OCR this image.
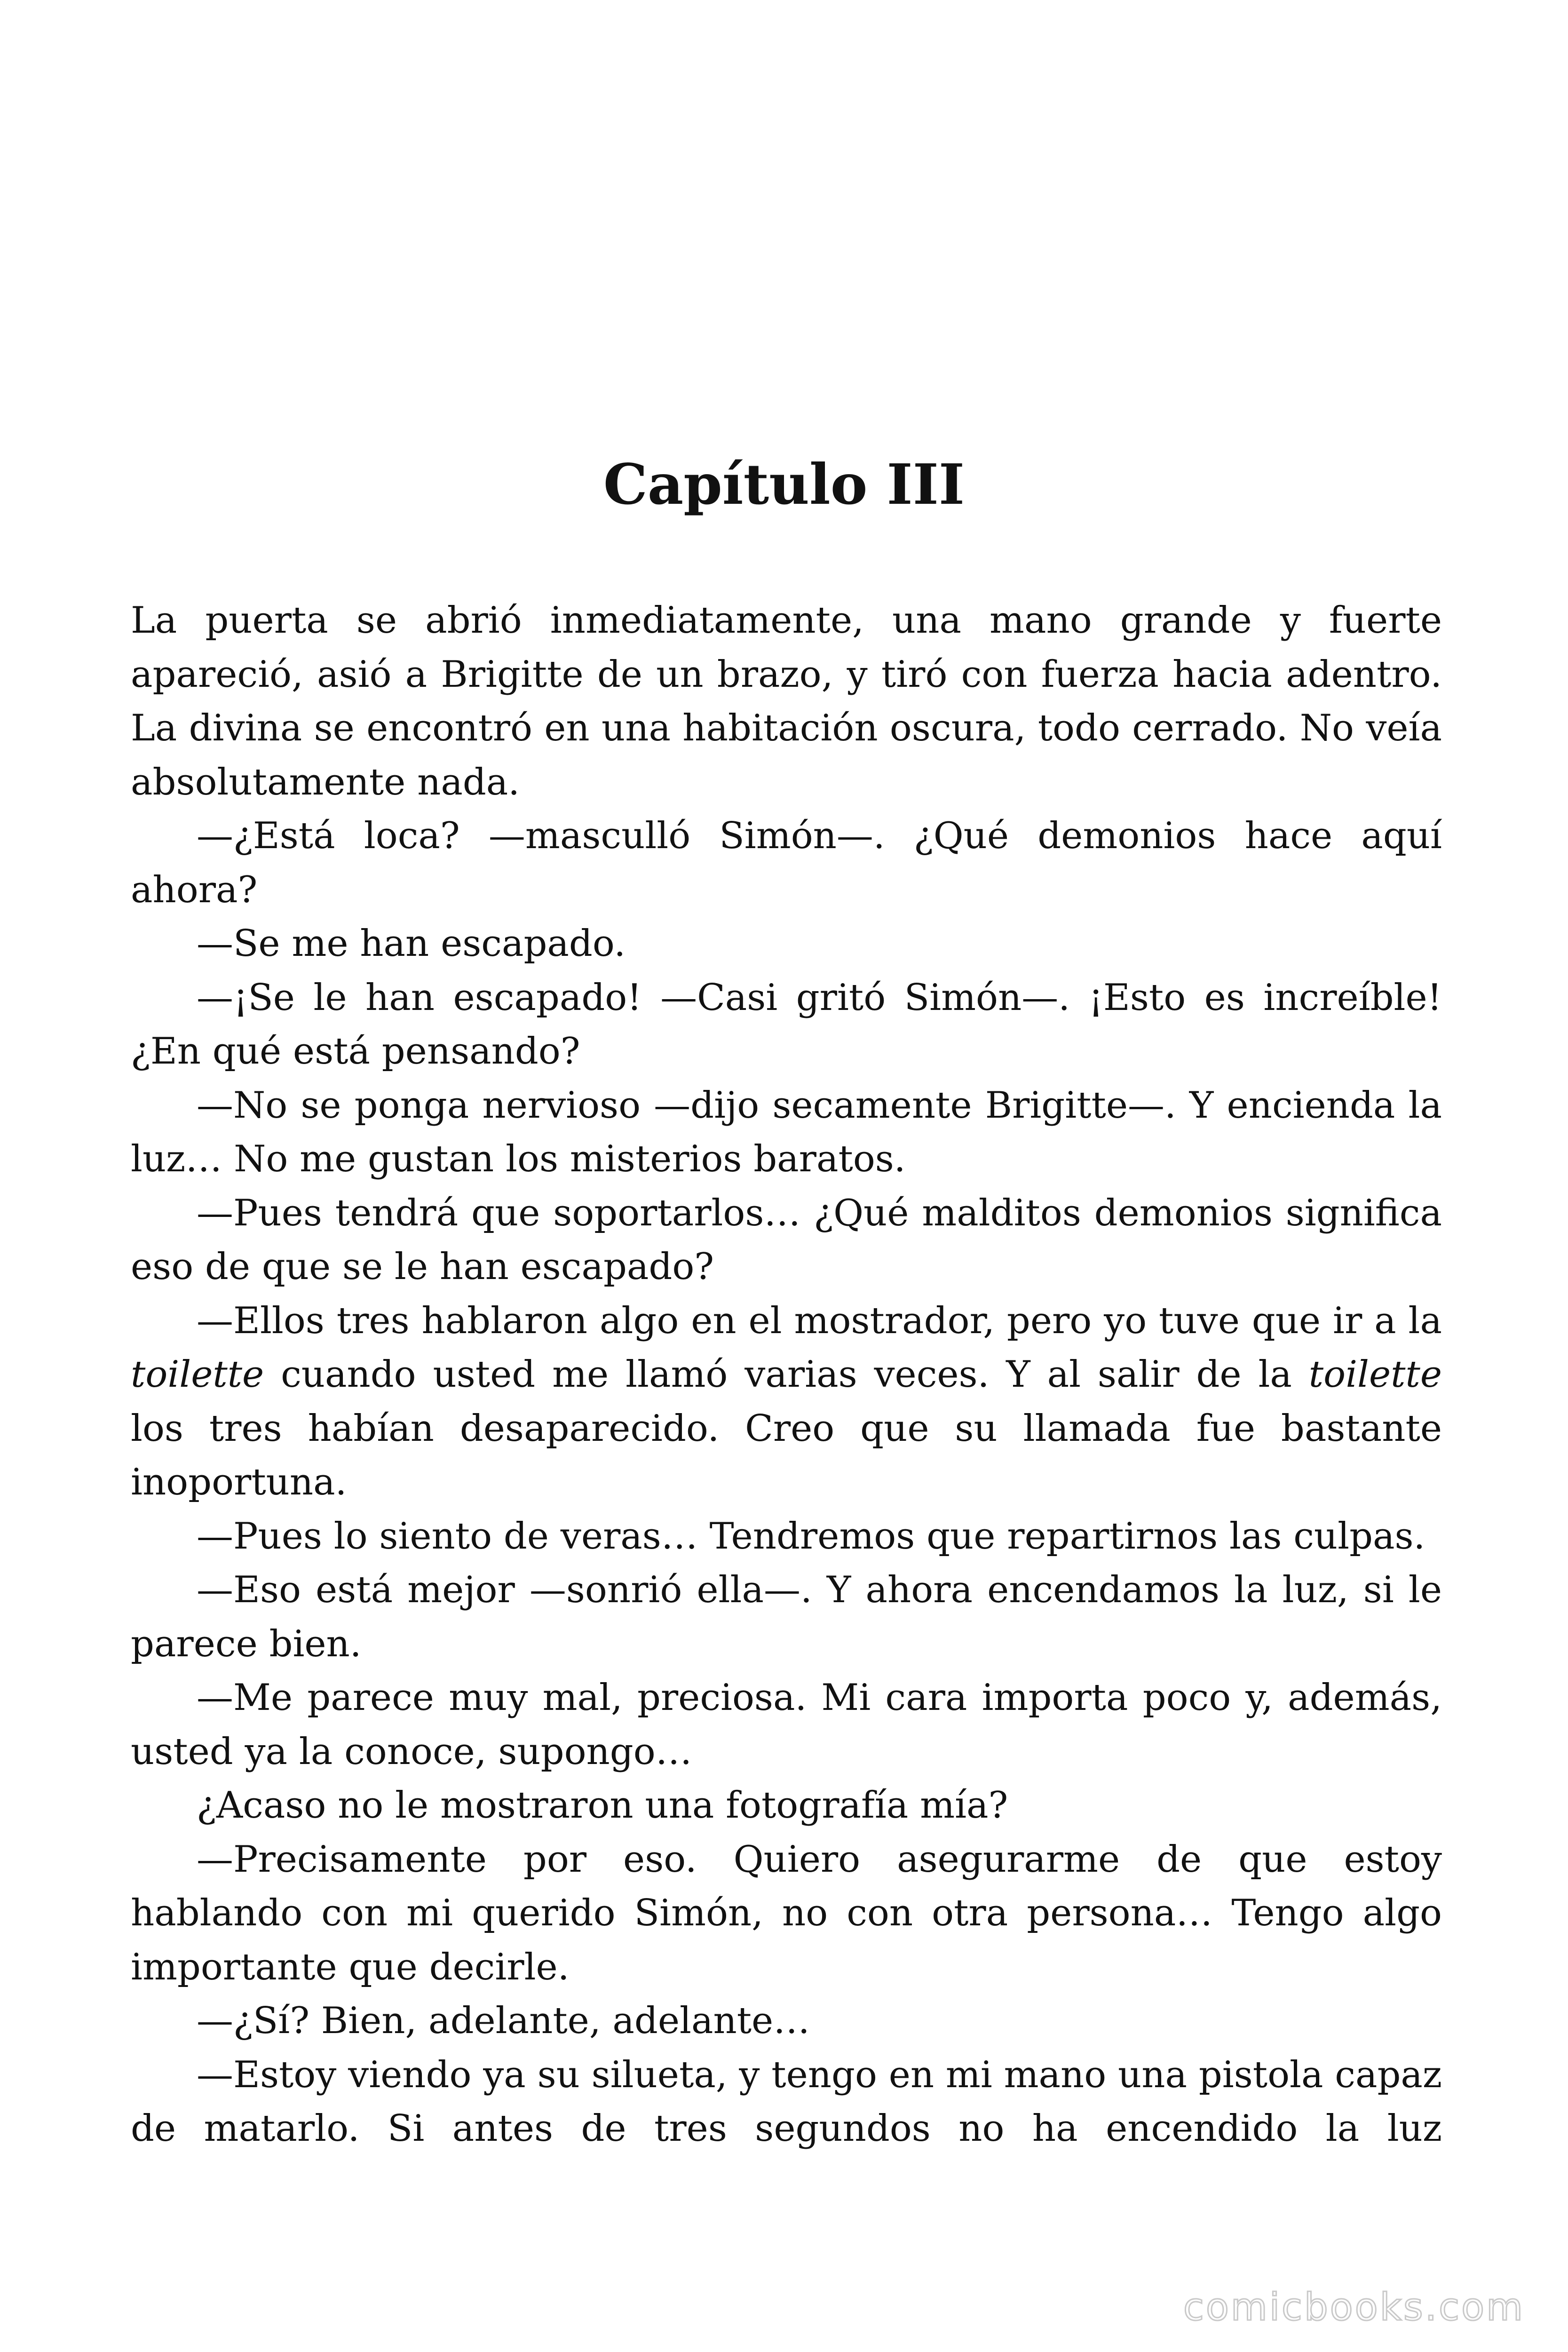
Capítulo III

La puerta se abrió inmediatamente, una mano grande y fuerte apareció, asió a Brigitte de un brazo, y tiró con fuerza hacia adentro. La divina se encontró en una habitación oscura, todo cerrado. No veía absolutamente nada.

—¿Está loca? —masculló Simón—. ¿Qué demonios hace aquí ahora?

—Se me han escapado.

—¡Se le han escapado! —Casi gritó Simón—. ¡Esto es increíble! ¿En qué está pensando?

—No se ponga nervioso —dijo secamente Brigitte—. Y encienda la luz… No me gustan los misterios baratos.

—Pues tendrá que soportarlos… ¿Qué malditos demonios significa eso de que se le han escapado?

—Ellos tres hablaron algo en el mostrador, pero yo tuve que ir a la toilette cuando usted me llamó varias veces. Y al salir de la toilette los tres habían desaparecido. Creo que su llamada fue bastante inoportuna.

—Pues lo siento de veras… Tendremos que repartirnos las culpas.

—Eso está mejor —sonrió ella—. Y ahora encendamos la luz, si le parece bien.

—Me parece muy mal, preciosa. Mi cara importa poco y, además, usted ya la conoce, supongo…

¿Acaso no le mostraron una fotografía mía?

—Precisamente por eso. Quiero asegurarme de que estoy hablando con mi querido Simón, no con otra persona… Tengo algo importante que decirle.

—¿Sí? Bien, adelante, adelante…

—Estoy viendo ya su silueta, y tengo en mi mano una pistola capaz de matarlo. Si antes de tres segundos no ha encendido la luz

comicbooks.com
